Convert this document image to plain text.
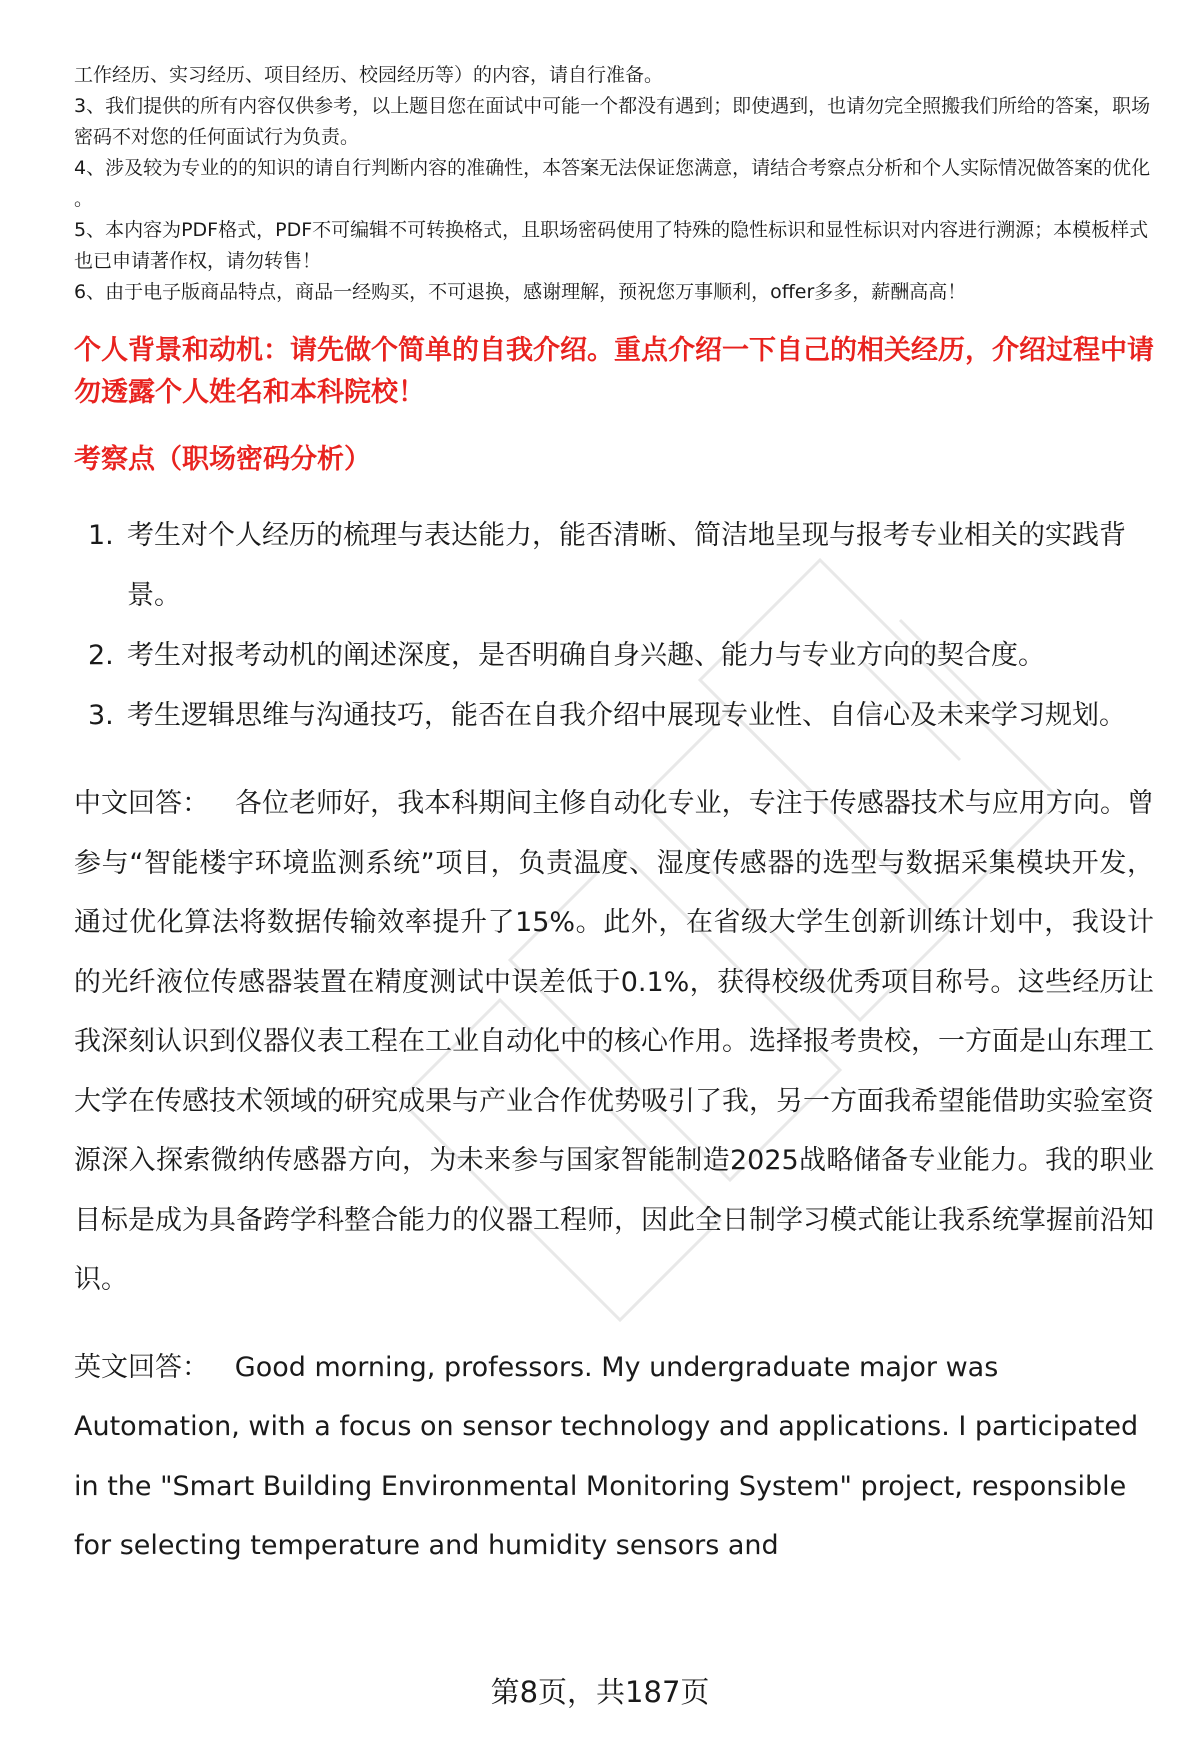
工作经历、实习经历、项目经历、校园经历等）的内容，请自行准备。

3、我们提供的所有内容仅供参考，以上题目您在面试中可能一个都没有遇到；即使遇到，也请勿完全照搬我们所给的答案，职场密码不对您的任何面试行为负责。

4、涉及较为专业的的知识的请自行判断内容的准确性，本答案无法保证您满意，请结合考察点分析和个人实际情况做答案的优化 。

5、本内容为PDF格式，PDF不可编辑不可转换格式，且职场密码使用了特殊的隐性标识和显性标识对内容进行溯源；本模板样式也已申请著作权，请勿转售！

6、由于电子版商品特点，商品一经购买，不可退换，感谢理解，预祝您万事顺利，offer多多，薪酬高高！

个人背景和动机：请先做个简单的自我介绍。重点介绍一下自己的相关经历，介绍过程中请勿透露个人姓名和本科院校！
考察点（职场密码分析）
1. 考生对个人经历的梳理与表达能力，能否清晰、简洁地呈现与报考专业相关的实践背景。
2. 考生对报考动机的阐述深度，是否明确自身兴趣、能力与专业方向的契合度。
3. 考生逻辑思维与沟通技巧，能否在自我介绍中展现专业性、自信心及未来学习规划。
中文回答： 各位老师好，我本科期间主修自动化专业，专注于传感器技术与应用方向。曾参与“智能楼宇环境监测系统”项目，负责温度、湿度传感器的选型与数据采集模块开发，通过优化算法将数据传输效率提升了15%。此外，在省级大学生创新训练计划中，我设计的光纤液位传感器装置在精度测试中误差低于0.1%，获得校级优秀项目称号。这些经历让我深刻认识到仪器仪表工程在工业自动化中的核心作用。选择报考贵校，一方面是山东理工大学在传感技术领域的研究成果与产业合作优势吸引了我，另一方面我希望能借助实验室资源深入探索微纳传感器方向，为未来参与国家智能制造2025战略储备专业能力。我的职业目标是成为具备跨学科整合能力的仪器工程师，因此全日制学习模式能让我系统掌握前沿知识。
英文回答： Good morning, professors. My undergraduate major was Automation, with a focus on sensor technology and applications. I participated in the "Smart Building Environmental Monitoring System" project, responsible for selecting temperature and humidity sensors and
第8页，共187页
